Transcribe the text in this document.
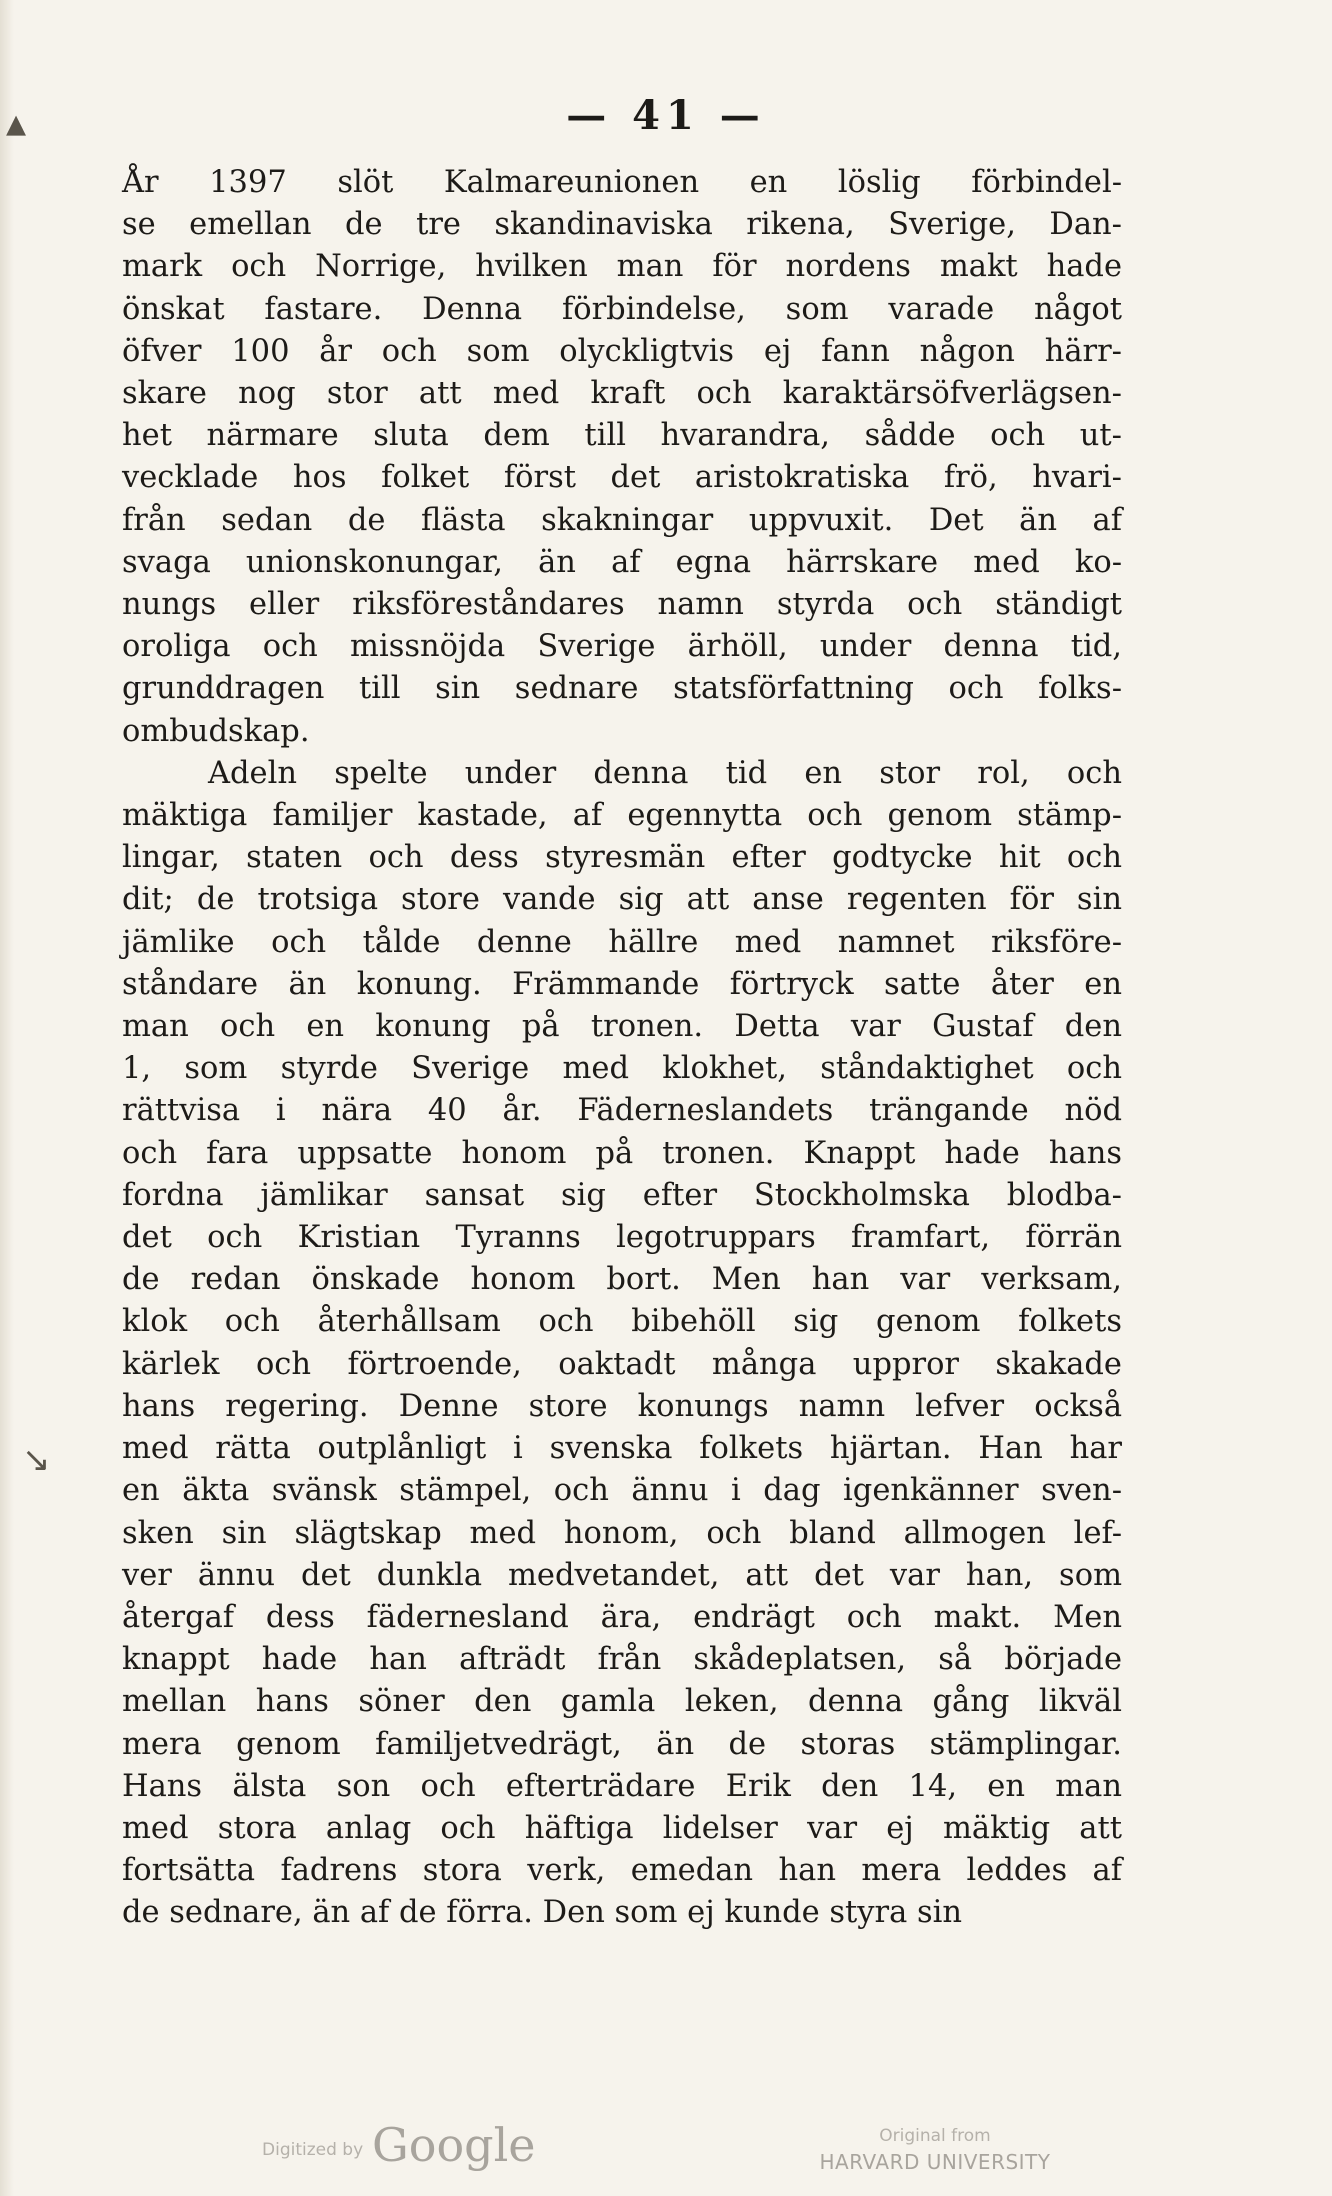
▴
↘
— 41 —
År 1397 slöt Kalmareunionen en löslig förbindel-
se emellan de tre skandinaviska rikena, Sverige, Dan-
mark och Norrige, hvilken man för nordens makt hade
önskat fastare. Denna förbindelse, som varade något
öfver 100 år och som olyckligtvis ej fann någon härr-
skare nog stor att med kraft och karaktärsöfverlägsen-
het närmare sluta dem till hvarandra, sådde och ut-
vecklade hos folket först det aristokratiska frö, hvari-
från sedan de flästa skakningar uppvuxit. Det än af
svaga unionskonungar, än af egna härrskare med ko-
nungs eller riksföreståndares namn styrda och ständigt
oroliga och missnöjda Sverige ärhöll, under denna tid,
grunddragen till sin sednare statsförfattning och folks-
ombudskap.
Adeln spelte under denna tid en stor rol, och
mäktiga familjer kastade, af egennytta och genom stämp-
lingar, staten och dess styresmän efter godtycke hit och
dit; de trotsiga store vande sig att anse regenten för sin
jämlike och tålde denne hällre med namnet riksföre-
ståndare än konung. Främmande förtryck satte åter en
man och en konung på tronen. Detta var Gustaf den
1, som styrde Sverige med klokhet, ståndaktighet och
rättvisa i nära 40 år. Fäderneslandets trängande nöd
och fara uppsatte honom på tronen. Knappt hade hans
fordna jämlikar sansat sig efter Stockholmska blodba-
det och Kristian Tyranns legotruppars framfart, förrän
de redan önskade honom bort. Men han var verksam,
klok och återhållsam och bibehöll sig genom folkets
kärlek och förtroende, oaktadt många uppror skakade
hans regering. Denne store konungs namn lefver också
med rätta outplånligt i svenska folkets hjärtan. Han har
en äkta svänsk stämpel, och ännu i dag igenkänner sven-
sken sin slägtskap med honom, och bland allmogen lef-
ver ännu det dunkla medvetandet, att det var han, som
återgaf dess fädernesland ära, endrägt och makt. Men
knappt hade han afträdt från skådeplatsen, så började
mellan hans söner den gamla leken, denna gång likväl
mera genom familjetvedrägt, än de storas stämplingar.
Hans älsta son och efterträdare Erik den 14, en man
med stora anlag och häftiga lidelser var ej mäktig att
fortsätta fadrens stora verk, emedan han mera leddes af
de sednare, än af de förra. Den som ej kunde styra sin
Digitized by Google	Original from
HARVARD UNIVERSITY
